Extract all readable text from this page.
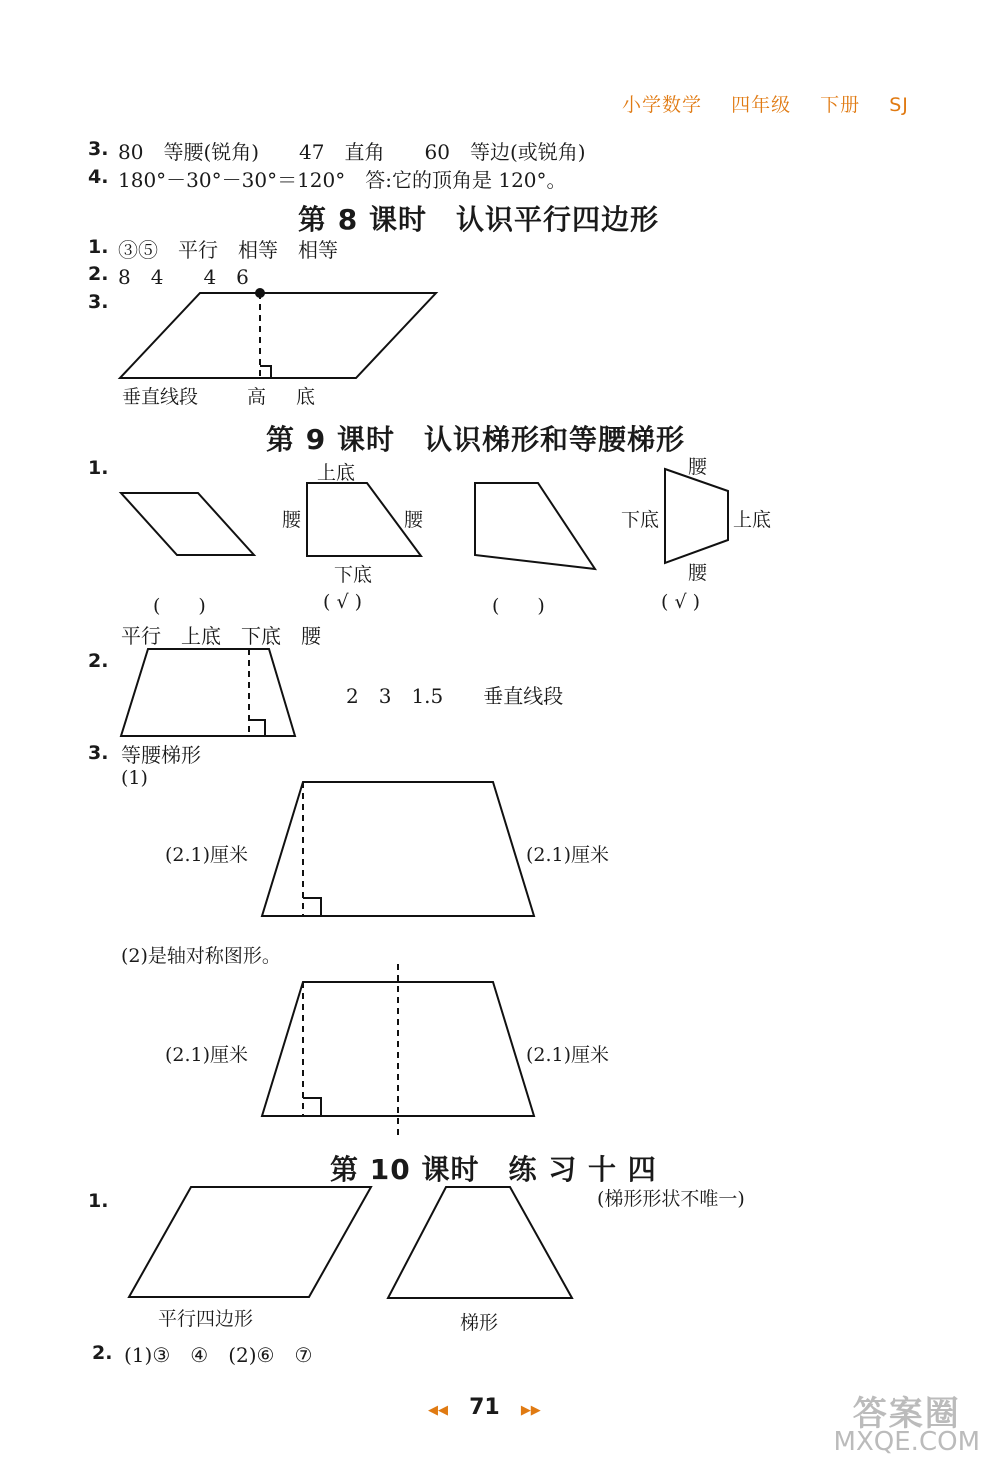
小学数学 四年级 下册 SJ
3. 80　等腰(锐角)　　47　直角　　60　等边(或锐角)
4. 180°－30°－30°＝120°　答:它的顶角是 120°。
第 8 课时　认识平行四边形
1. ③⑤　平行　相等　相等
2. 8　4　　4　6
3.
垂直线段	高 底
第 9 课时　认识梯形和等腰梯形
1.	上底
腰	腰
下底
腰
下底	上底
腰
(　　)	( √ )	(　　)	( √ )
平行　上底　下底　腰
2.
2　3　1.5　　垂直线段
3. 等腰梯形
(1)
(2.1)厘米	(2.1)厘米
(2)是轴对称图形。
(2.1)厘米	(2.1)厘米
第 10 课时　练 习 十 四
1.	(梯形形状不唯一)
平行四边形	梯形
2. (1)③　④　(2)⑥　⑦
◀◀ 71 ▶▶	答案圈
MXQE.COM
